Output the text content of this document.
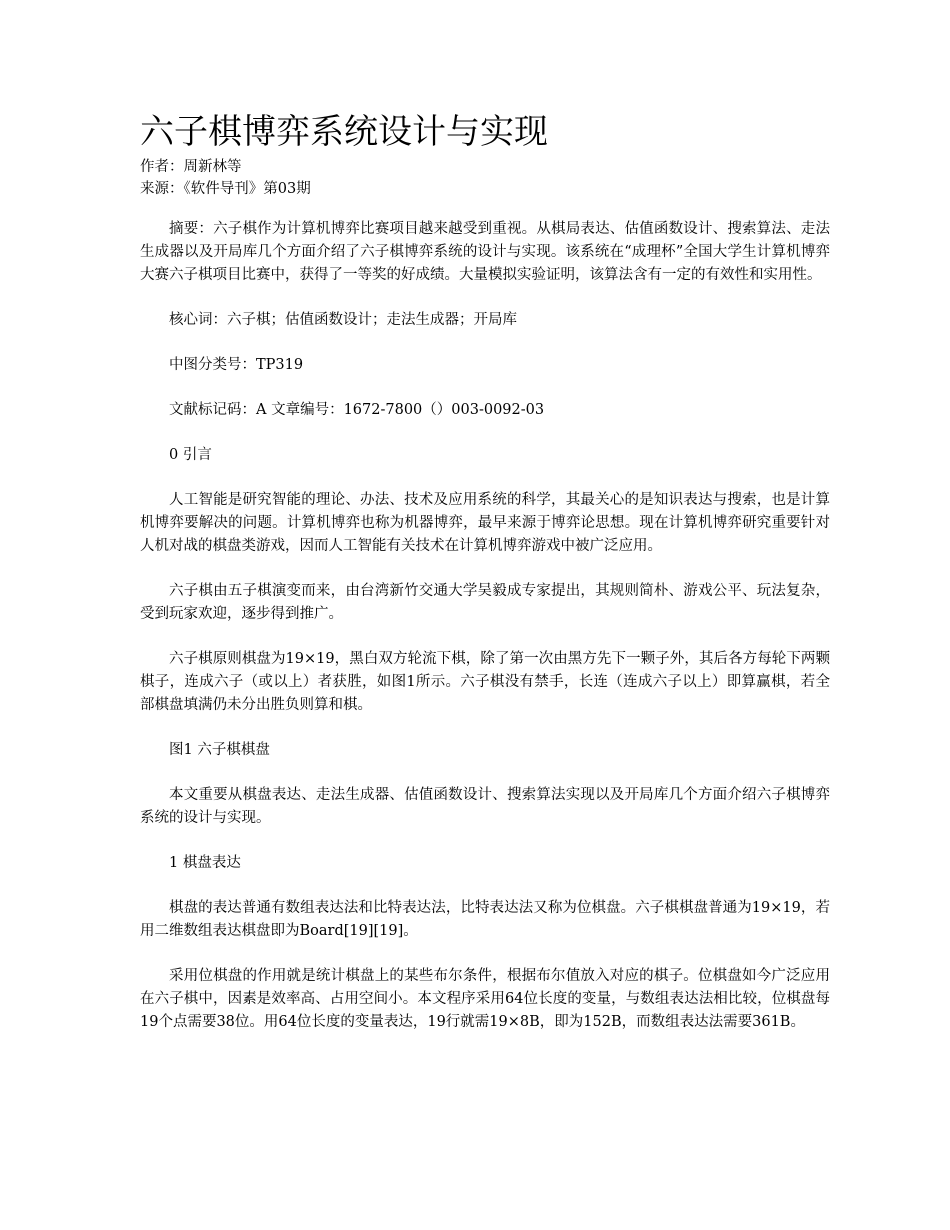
六子棋博弈系统设计与实现

作者：周新林等

来源：《软件导刊》第03期

摘要：六子棋作为计算机博弈比赛项目越来越受到重视。从棋局表达、估值函数设计、搜索算法、走法生成器以及开局库几个方面介绍了六子棋博弈系统的设计与实现。该系统在“成理杯”全国大学生计算机博弈大赛六子棋项目比赛中，获得了一等奖的好成绩。大量模拟实验证明，该算法含有一定的有效性和实用性。

核心词：六子棋；估值函数设计；走法生成器；开局库

中图分类号：TP319

文献标记码：A 文章编号：1672-7800（）003-0092-03

0 引言

人工智能是研究智能的理论、办法、技术及应用系统的科学，其最关心的是知识表达与搜索，也是计算机博弈要解决的问题。计算机博弈也称为机器博弈，最早来源于博弈论思想。现在计算机博弈研究重要针对人机对战的棋盘类游戏，因而人工智能有关技术在计算机博弈游戏中被广泛应用。

六子棋由五子棋演变而来，由台湾新竹交通大学吴毅成专家提出，其规则简朴、游戏公平、玩法复杂，受到玩家欢迎，逐步得到推广。

六子棋原则棋盘为19×19，黑白双方轮流下棋，除了第一次由黑方先下一颗子外，其后各方每轮下两颗棋子，连成六子（或以上）者获胜，如图1所示。六子棋没有禁手，长连（连成六子以上）即算赢棋，若全部棋盘填满仍未分出胜负则算和棋。

图1 六子棋棋盘

本文重要从棋盘表达、走法生成器、估值函数设计、搜索算法实现以及开局库几个方面介绍六子棋博弈系统的设计与实现。

1 棋盘表达

棋盘的表达普通有数组表达法和比特表达法，比特表达法又称为位棋盘。六子棋棋盘普通为19×19，若用二维数组表达棋盘即为Board[19][19]。

采用位棋盘的作用就是统计棋盘上的某些布尔条件，根据布尔值放入对应的棋子。位棋盘如今广泛应用在六子棋中，因素是效率高、占用空间小。本文程序采用64位长度的变量，与数组表达法相比较，位棋盘每19个点需要38位。用64位长度的变量表达，19行就需19×8B，即为152B，而数组表达法需要361B。
